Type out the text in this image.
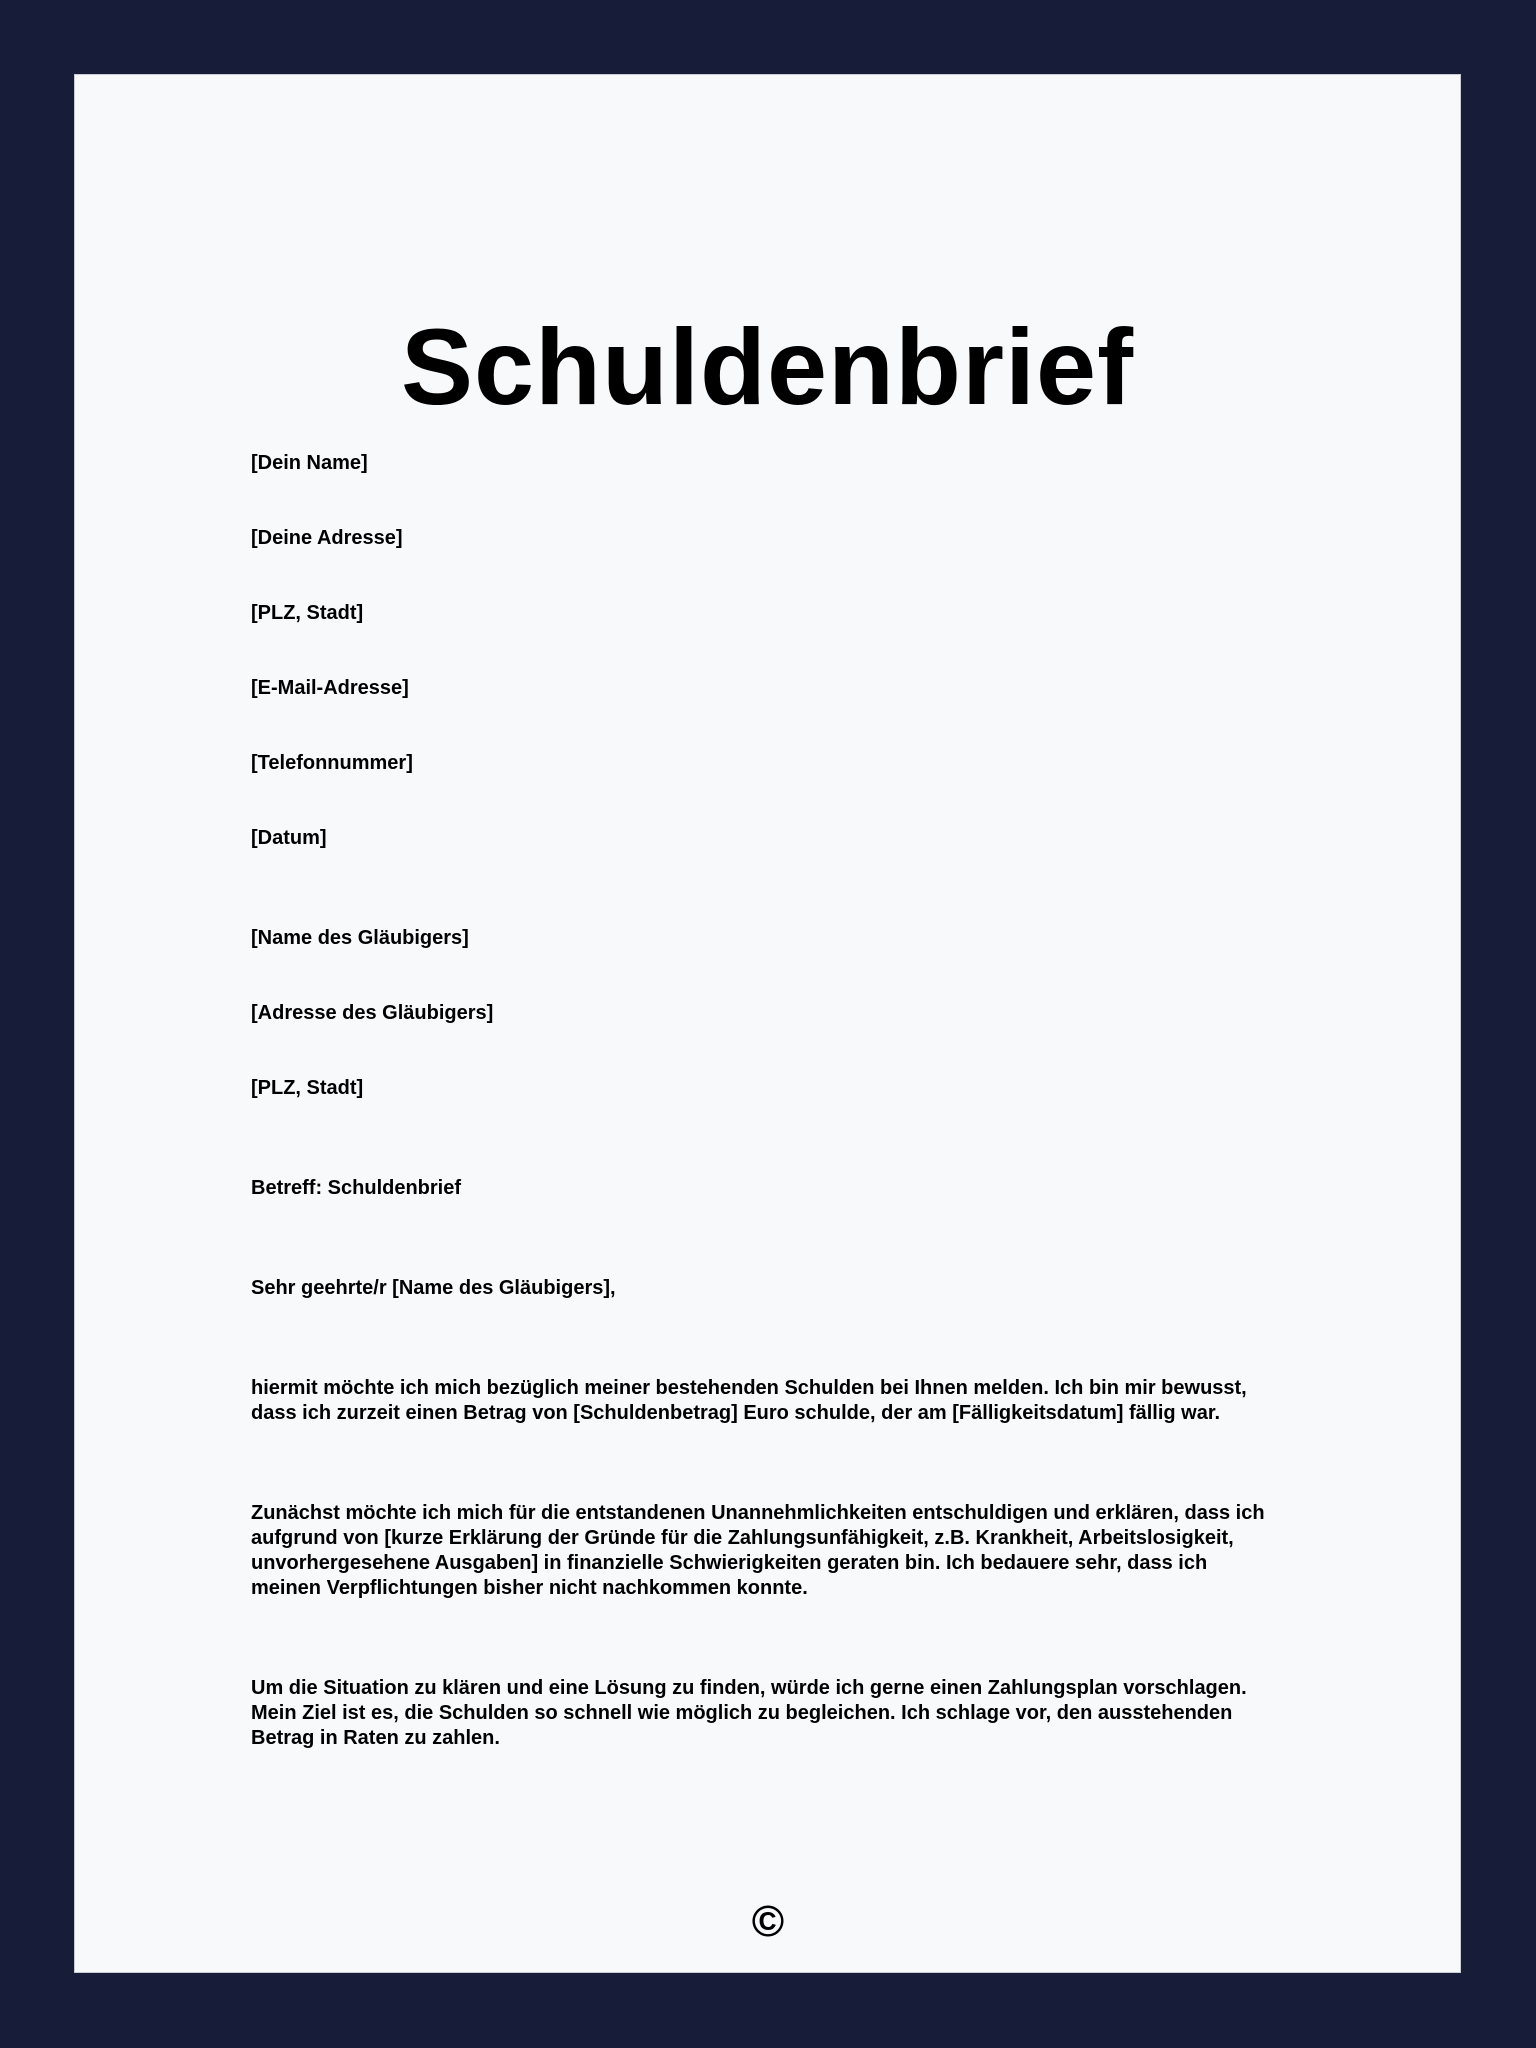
Schuldenbrief

[Dein Name]

[Deine Adresse]

[PLZ, Stadt]

[E-Mail-Adresse]

[Telefonnummer]

[Datum]

[Name des Gläubigers]

[Adresse des Gläubigers]

[PLZ, Stadt]

Betreff: Schuldenbrief

Sehr geehrte/r [Name des Gläubigers],

hiermit möchte ich mich bezüglich meiner bestehenden Schulden bei Ihnen melden. Ich bin mir bewusst,
dass ich zurzeit einen Betrag von [Schuldenbetrag] Euro schulde, der am [Fälligkeitsdatum] fällig war.
Zunächst möchte ich mich für die entstandenen Unannehmlichkeiten entschuldigen und erklären, dass ich
aufgrund von [kurze Erklärung der Gründe für die Zahlungsunfähigkeit, z.B. Krankheit, Arbeitslosigkeit,
unvorhergesehene Ausgaben] in finanzielle Schwierigkeiten geraten bin. Ich bedauere sehr, dass ich
meinen Verpflichtungen bisher nicht nachkommen konnte.
Um die Situation zu klären und eine Lösung zu finden, würde ich gerne einen Zahlungsplan vorschlagen.
Mein Ziel ist es, die Schulden so schnell wie möglich zu begleichen. Ich schlage vor, den ausstehenden
Betrag in Raten zu zahlen.
©
